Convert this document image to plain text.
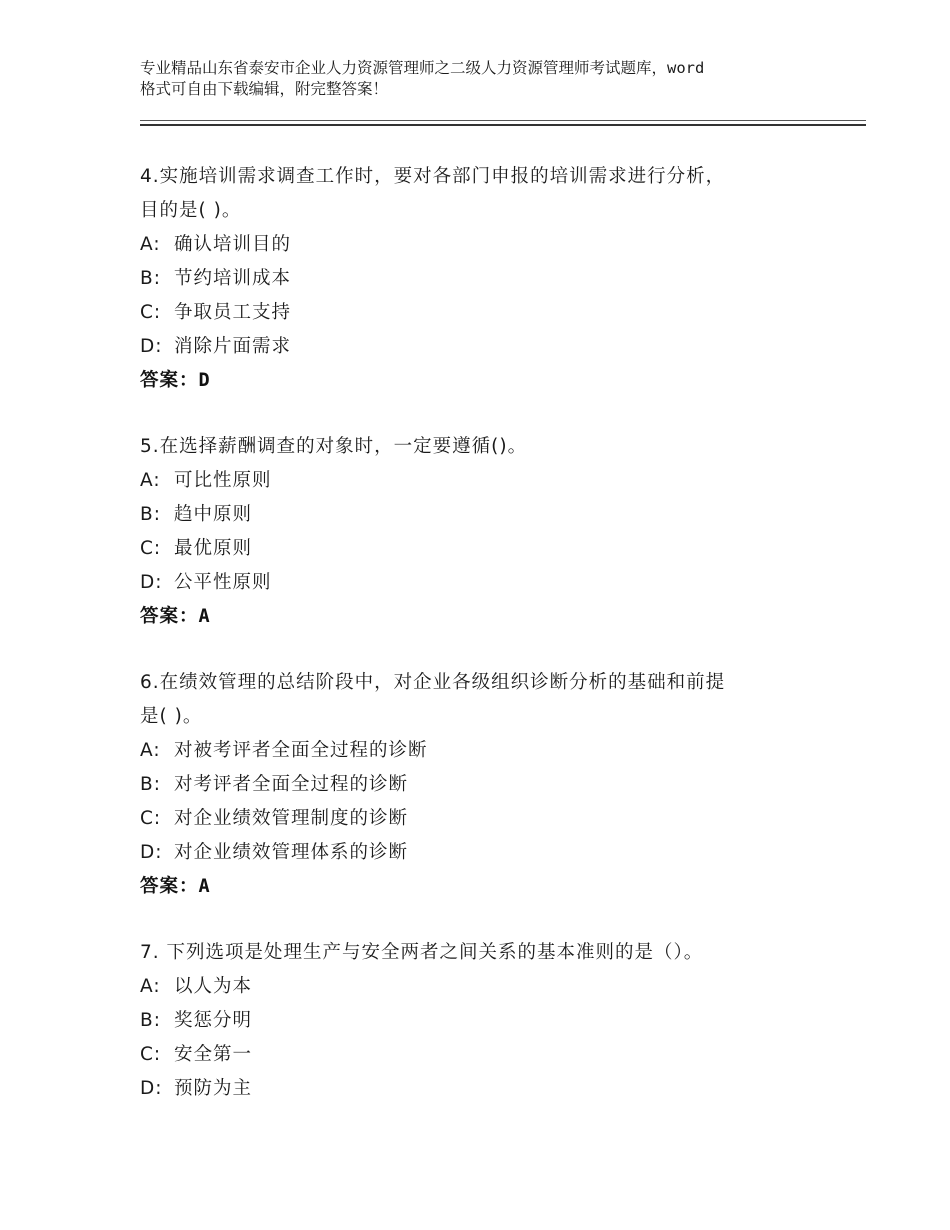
专业精品山东省泰安市企业人力资源管理师之二级人力资源管理师考试题库，word
格式可自由下载编辑，附完整答案！
4.实施培训需求调查工作时，要对各部门申报的培训需求进行分析，
目的是( )。
A: 确认培训目的
B: 节约培训成本
C: 争取员工支持
D: 消除片面需求
答案：D
5.在选择薪酬调查的对象时，一定要遵循()。
A: 可比性原则
B: 趋中原则
C: 最优原则
D: 公平性原则
答案：A
6.在绩效管理的总结阶段中，对企业各级组织诊断分析的基础和前提
是( )。
A: 对被考评者全面全过程的诊断
B: 对考评者全面全过程的诊断
C: 对企业绩效管理制度的诊断
D: 对企业绩效管理体系的诊断
答案：A
7. 下列选项是处理生产与安全两者之间关系的基本准则的是（）。
A: 以人为本
B: 奖惩分明
C: 安全第一
D: 预防为主
